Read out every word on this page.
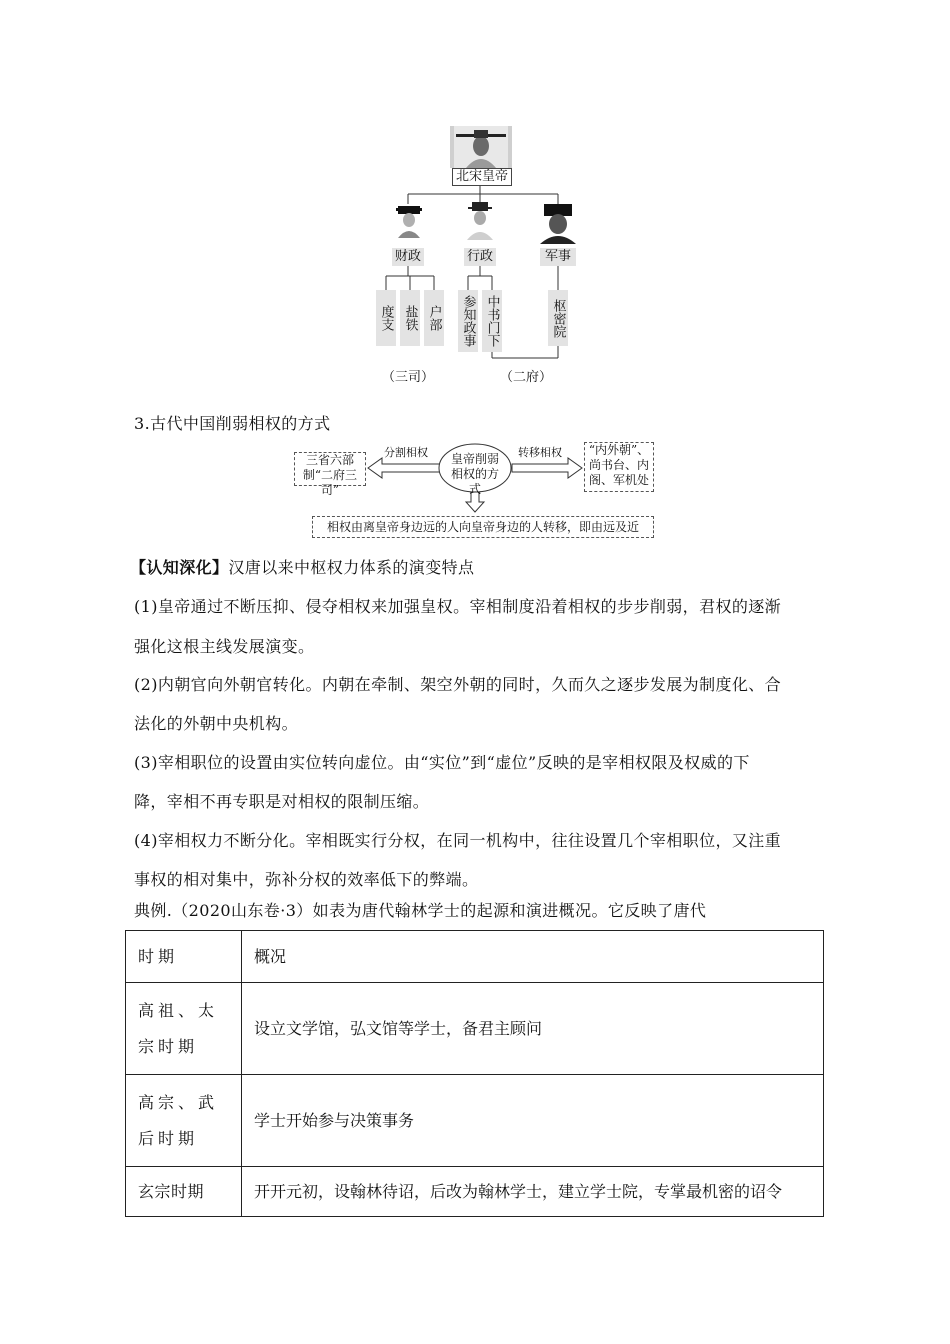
北宋皇帝
财政	行政	军事
度支 盐铁 户部 参知政事 中书门下	枢密院
（三司）	（二府）
3.古代中国削弱相权的方式
三省六部制“二府三司”
分割相权 皇帝削弱相权的方式
转移相权	“内外朝”、尚书台、内阁、军机处
相权由离皇帝身边远的人向皇帝身边的人转移，即由远及近
【认知深化】汉唐以来中枢权力体系的演变特点
(1)皇帝通过不断压抑、侵夺相权来加强皇权。宰相制度沿着相权的步步削弱，君权的逐渐
强化这根主线发展演变。
(2)内朝官向外朝官转化。内朝在牵制、架空外朝的同时，久而久之逐步发展为制度化、合
法化的外朝中央机构。
(3)宰相职位的设置由实位转向虚位。由“实位”到“虚位”反映的是宰相权限及权威的下
降，宰相不再专职是对相权的限制压缩。
(4)宰相权力不断分化。宰相既实行分权，在同一机构中，往往设置几个宰相职位，又注重
事权的相对集中，弥补分权的效率低下的弊端。
典例.（2020山东卷·3）如表为唐代翰林学士的起源和演进概况。它反映了唐代
时期	概况
高祖、太宗时期	设立文学馆，弘文馆等学士，备君主顾问
高宗、武后时期	学士开始参与决策事务
玄宗时期	开开元初，设翰林待诏，后改为翰林学士，建立学士院，专掌最机密的诏令
